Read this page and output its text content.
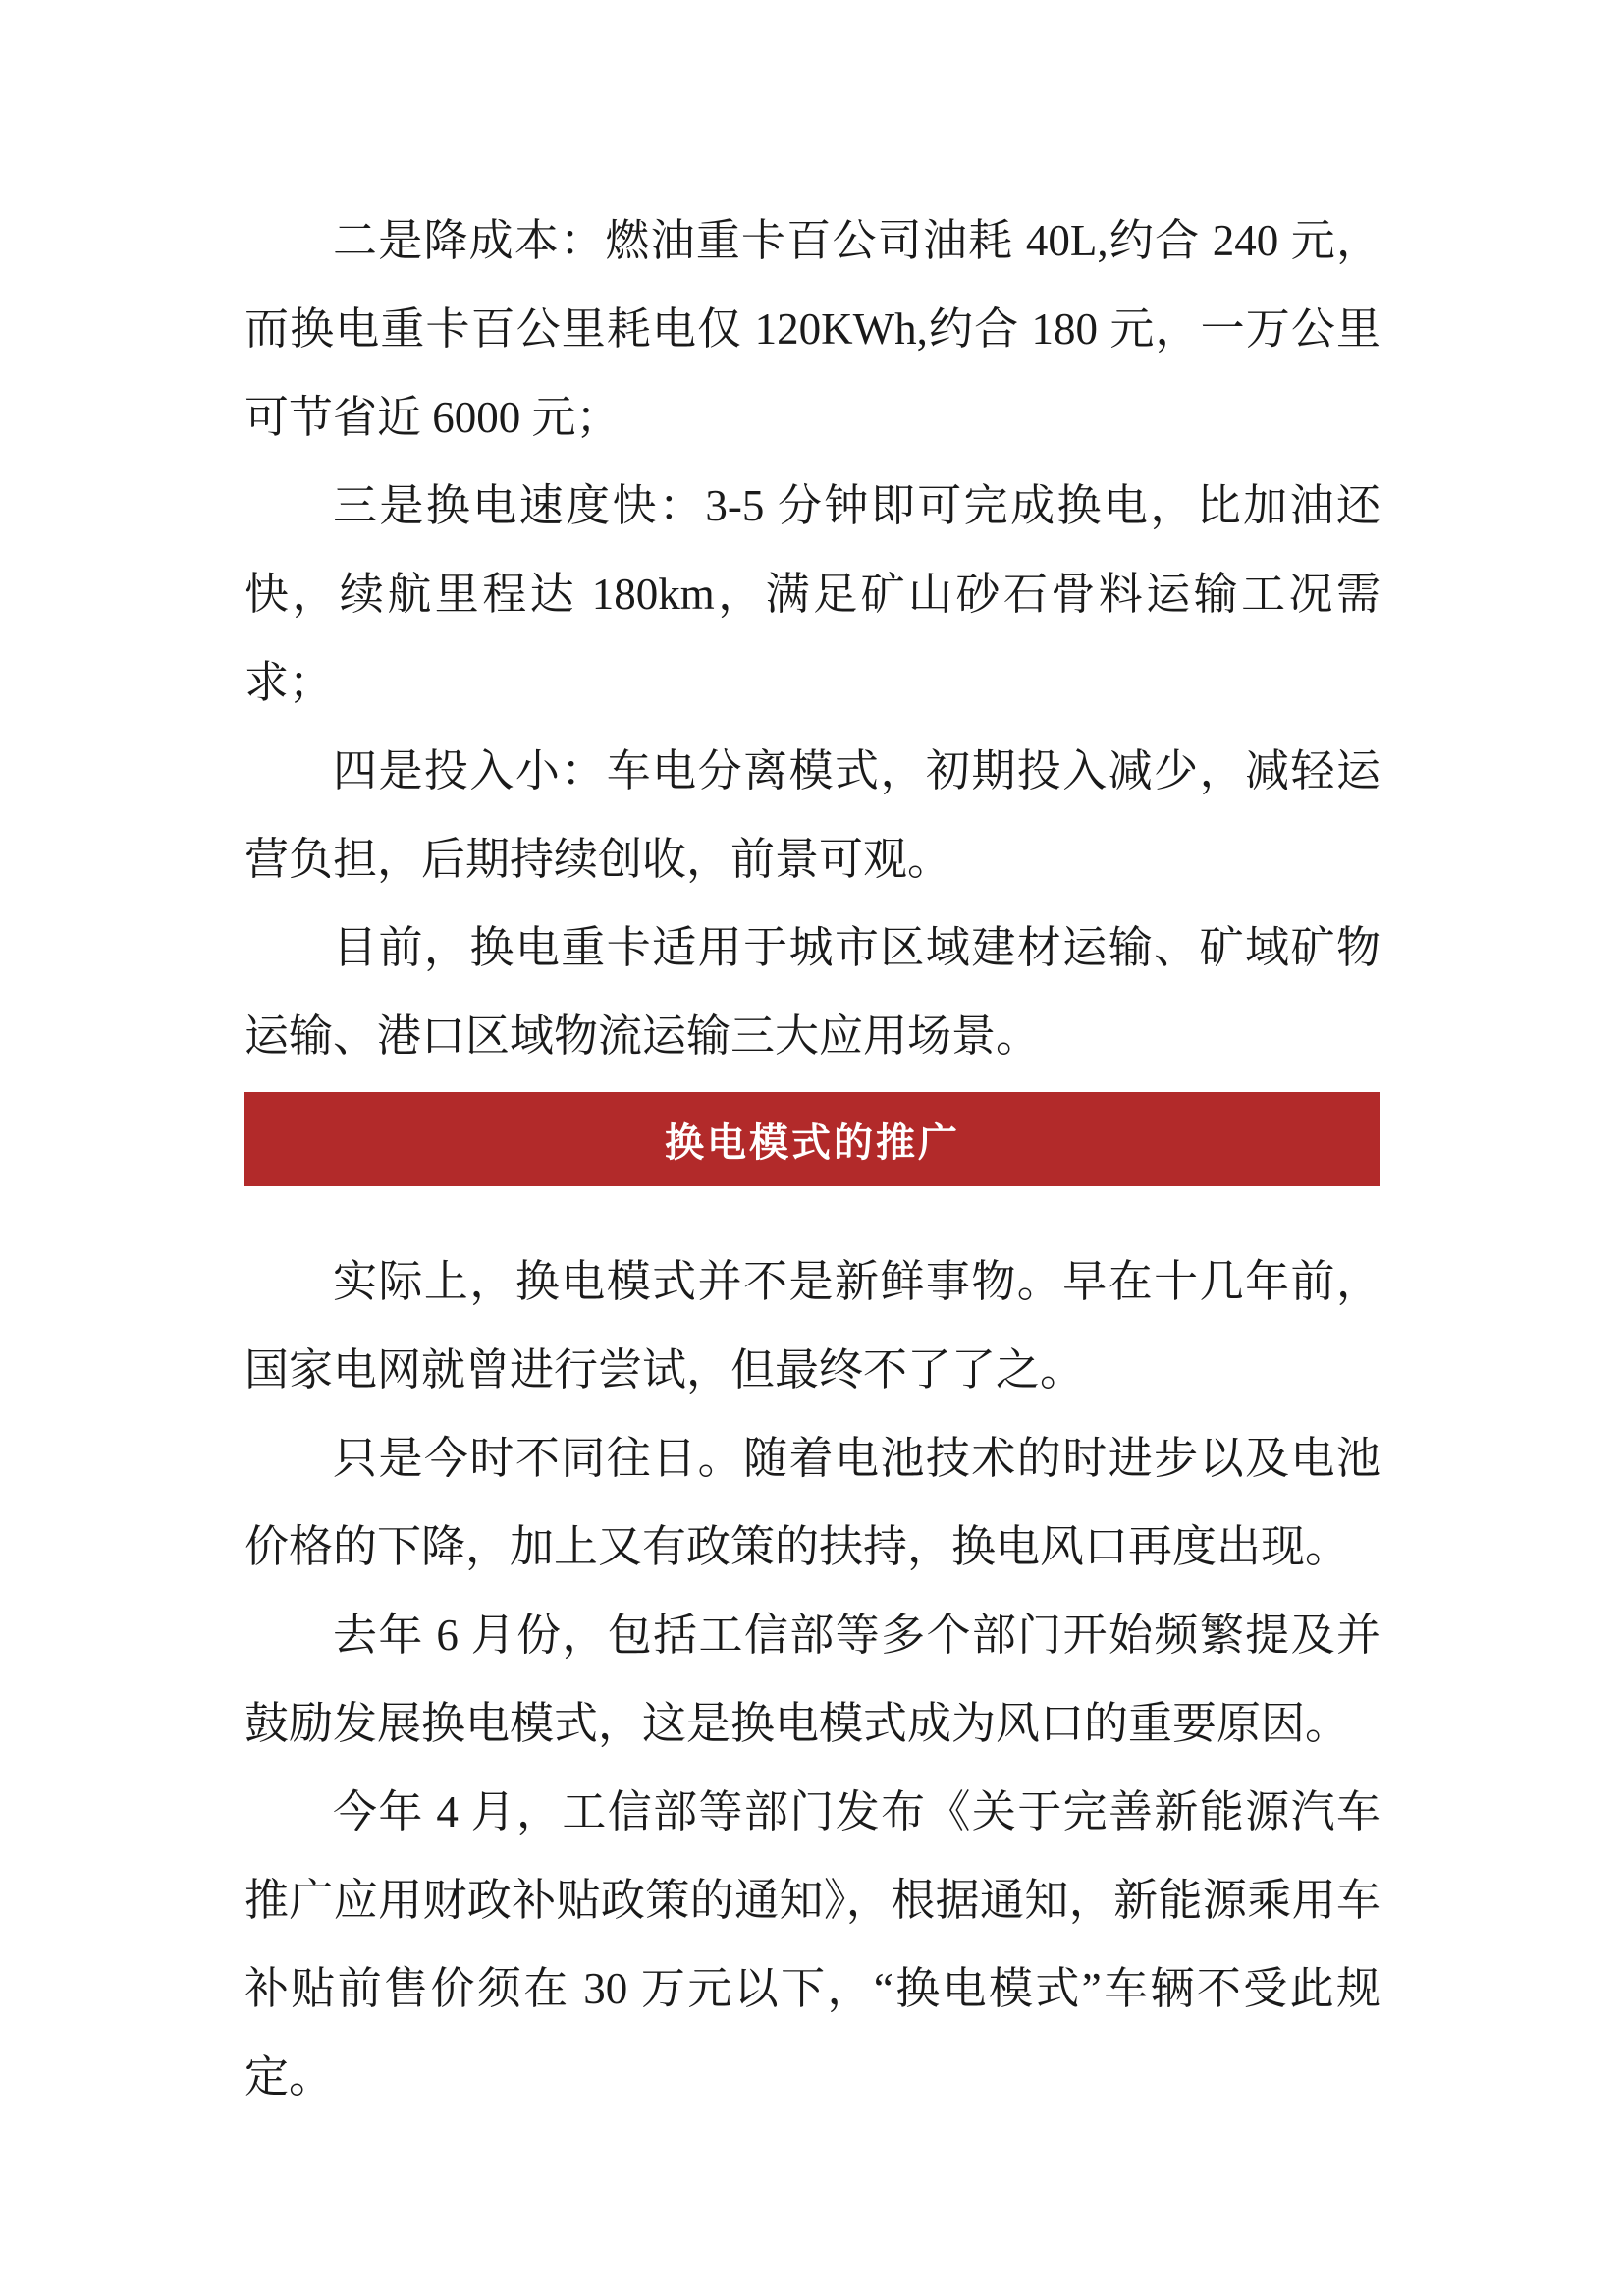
二是降成本：燃油重卡百公司油耗 40L,约合 240 元，而换电重卡百公里耗电仅 120KWh,约合 180 元，一万公里可节省近 6000 元；

三是换电速度快：3-5 分钟即可完成换电，比加油还快，续航里程达 180km，满足矿山砂石骨料运输工况需求；

四是投入小：车电分离模式，初期投入减少，减轻运营负担，后期持续创收，前景可观。

目前，换电重卡适用于城市区域建材运输、矿域矿物运输、港口区域物流运输三大应用场景。

换电模式的推广

实际上，换电模式并不是新鲜事物。早在十几年前，国家电网就曾进行尝试，但最终不了了之。

只是今时不同往日。随着电池技术的时进步以及电池价格的下降，加上又有政策的扶持，换电风口再度出现。

去年 6 月份，包括工信部等多个部门开始频繁提及并鼓励发展换电模式，这是换电模式成为风口的重要原因。

今年 4 月，工信部等部门发布《关于完善新能源汽车推广应用财政补贴政策的通知》，根据通知，新能源乘用车补贴前售价须在 30 万元以下，“换电模式”车辆不受此规定。
